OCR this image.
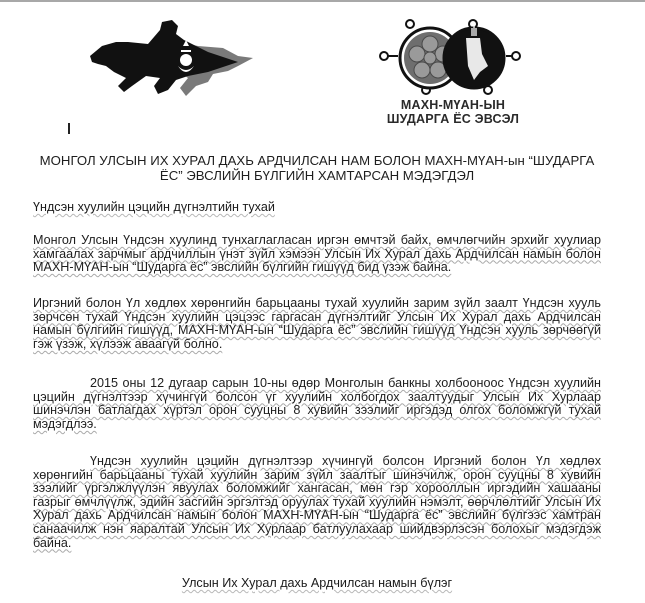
МАХН-МҮАН-ЫН
ШУДАРГА ЁС ЭВСЭЛ
МОНГОЛ УЛСЫН ИХ ХУРАЛ ДАХЬ АРДЧИЛСАН НАМ БОЛОН МАХН-МҮАН-ын “ШУДАРГА ЁС” ЭВСЛИЙН БҮЛГИЙН ХАМТАРСАН МЭДЭГДЭЛ
Үндсэн хуулийн цэцийн дүгнэлтийн тухай
Монгол Улсын Үндсэн хуулинд тунхаглагласан иргэн өмчтэй байх, өмчлөгчийн эрхийг хуулиар хамгаалах зарчмыг ардчиллын үнэт зүйл хэмээн Улсын Их Хурал дахь Ардчилсан намын болон МАХН-МҮАН-ын “Шударга ёс” эвслийн бүлгийн гишүүд бид үзэж байна.
Иргэний болон Үл хөдлөх хөрөнгийн барьцааны тухай хуулийн зарим зүйл заалт Үндсэн хууль зөрчсөн тухай Үндсэн хуулийн цэцээс гаргасан дүгнэлтийг Улсын Их Хурал дахь Ардчилсан намын бүлгийн гишүүд, МАХН-МҮАН-ын “Шударга ёс” эвслийн гишүүд Үндсэн хууль зөрчөөгүй гэж үзэж, хүлээж аваагүй болно.
2015 оны 12 дугаар сарын 10-ны өдөр Монголын банкны холбооноос Үндсэн хуулийн цэцийн дүгнэлтээр хүчингүй болсон үг хуулийн холбогдох заалтуудыг Улсын Их Хурлаар шинэчлэн батлагдах хүртэл орон сууцны 8 хувийн зээлийг иргэдэд олгох боломжгүй тухай мэдэгдлээ.
Үндсэн хуулийн цэцийн дүгнэлтээр хүчингүй болсон Иргэний болон Үл хөдлөх хөрөнгийн барьцааны тухай хуулийн зарим зүйл заалтыг шинэчилж, орон сууцны 8 хувийн зээлийг үргэлжлүүлэн явуулах боломжийг хангасан, мөн гэр хорооллын иргэдийн хашааны газрыг өмчлүүлж, эдийн засгийн эргэлтэд оруулах тухай хуулийн нэмэлт, өөрчлөлтийг Улсын Их Хурал дахь Ардчилсан намын болон МАХН-МҮАН-ын “Шударга ёс” эвслийн бүлгээс хамтран санаачилж нэн яаралтай Улсын Их Хурлаар батлуулахаар шийдвэрлэсэн болохыг мэдэгдэж байна.
Улсын Их Хурал дахь Ардчилсан намын бүлэг
